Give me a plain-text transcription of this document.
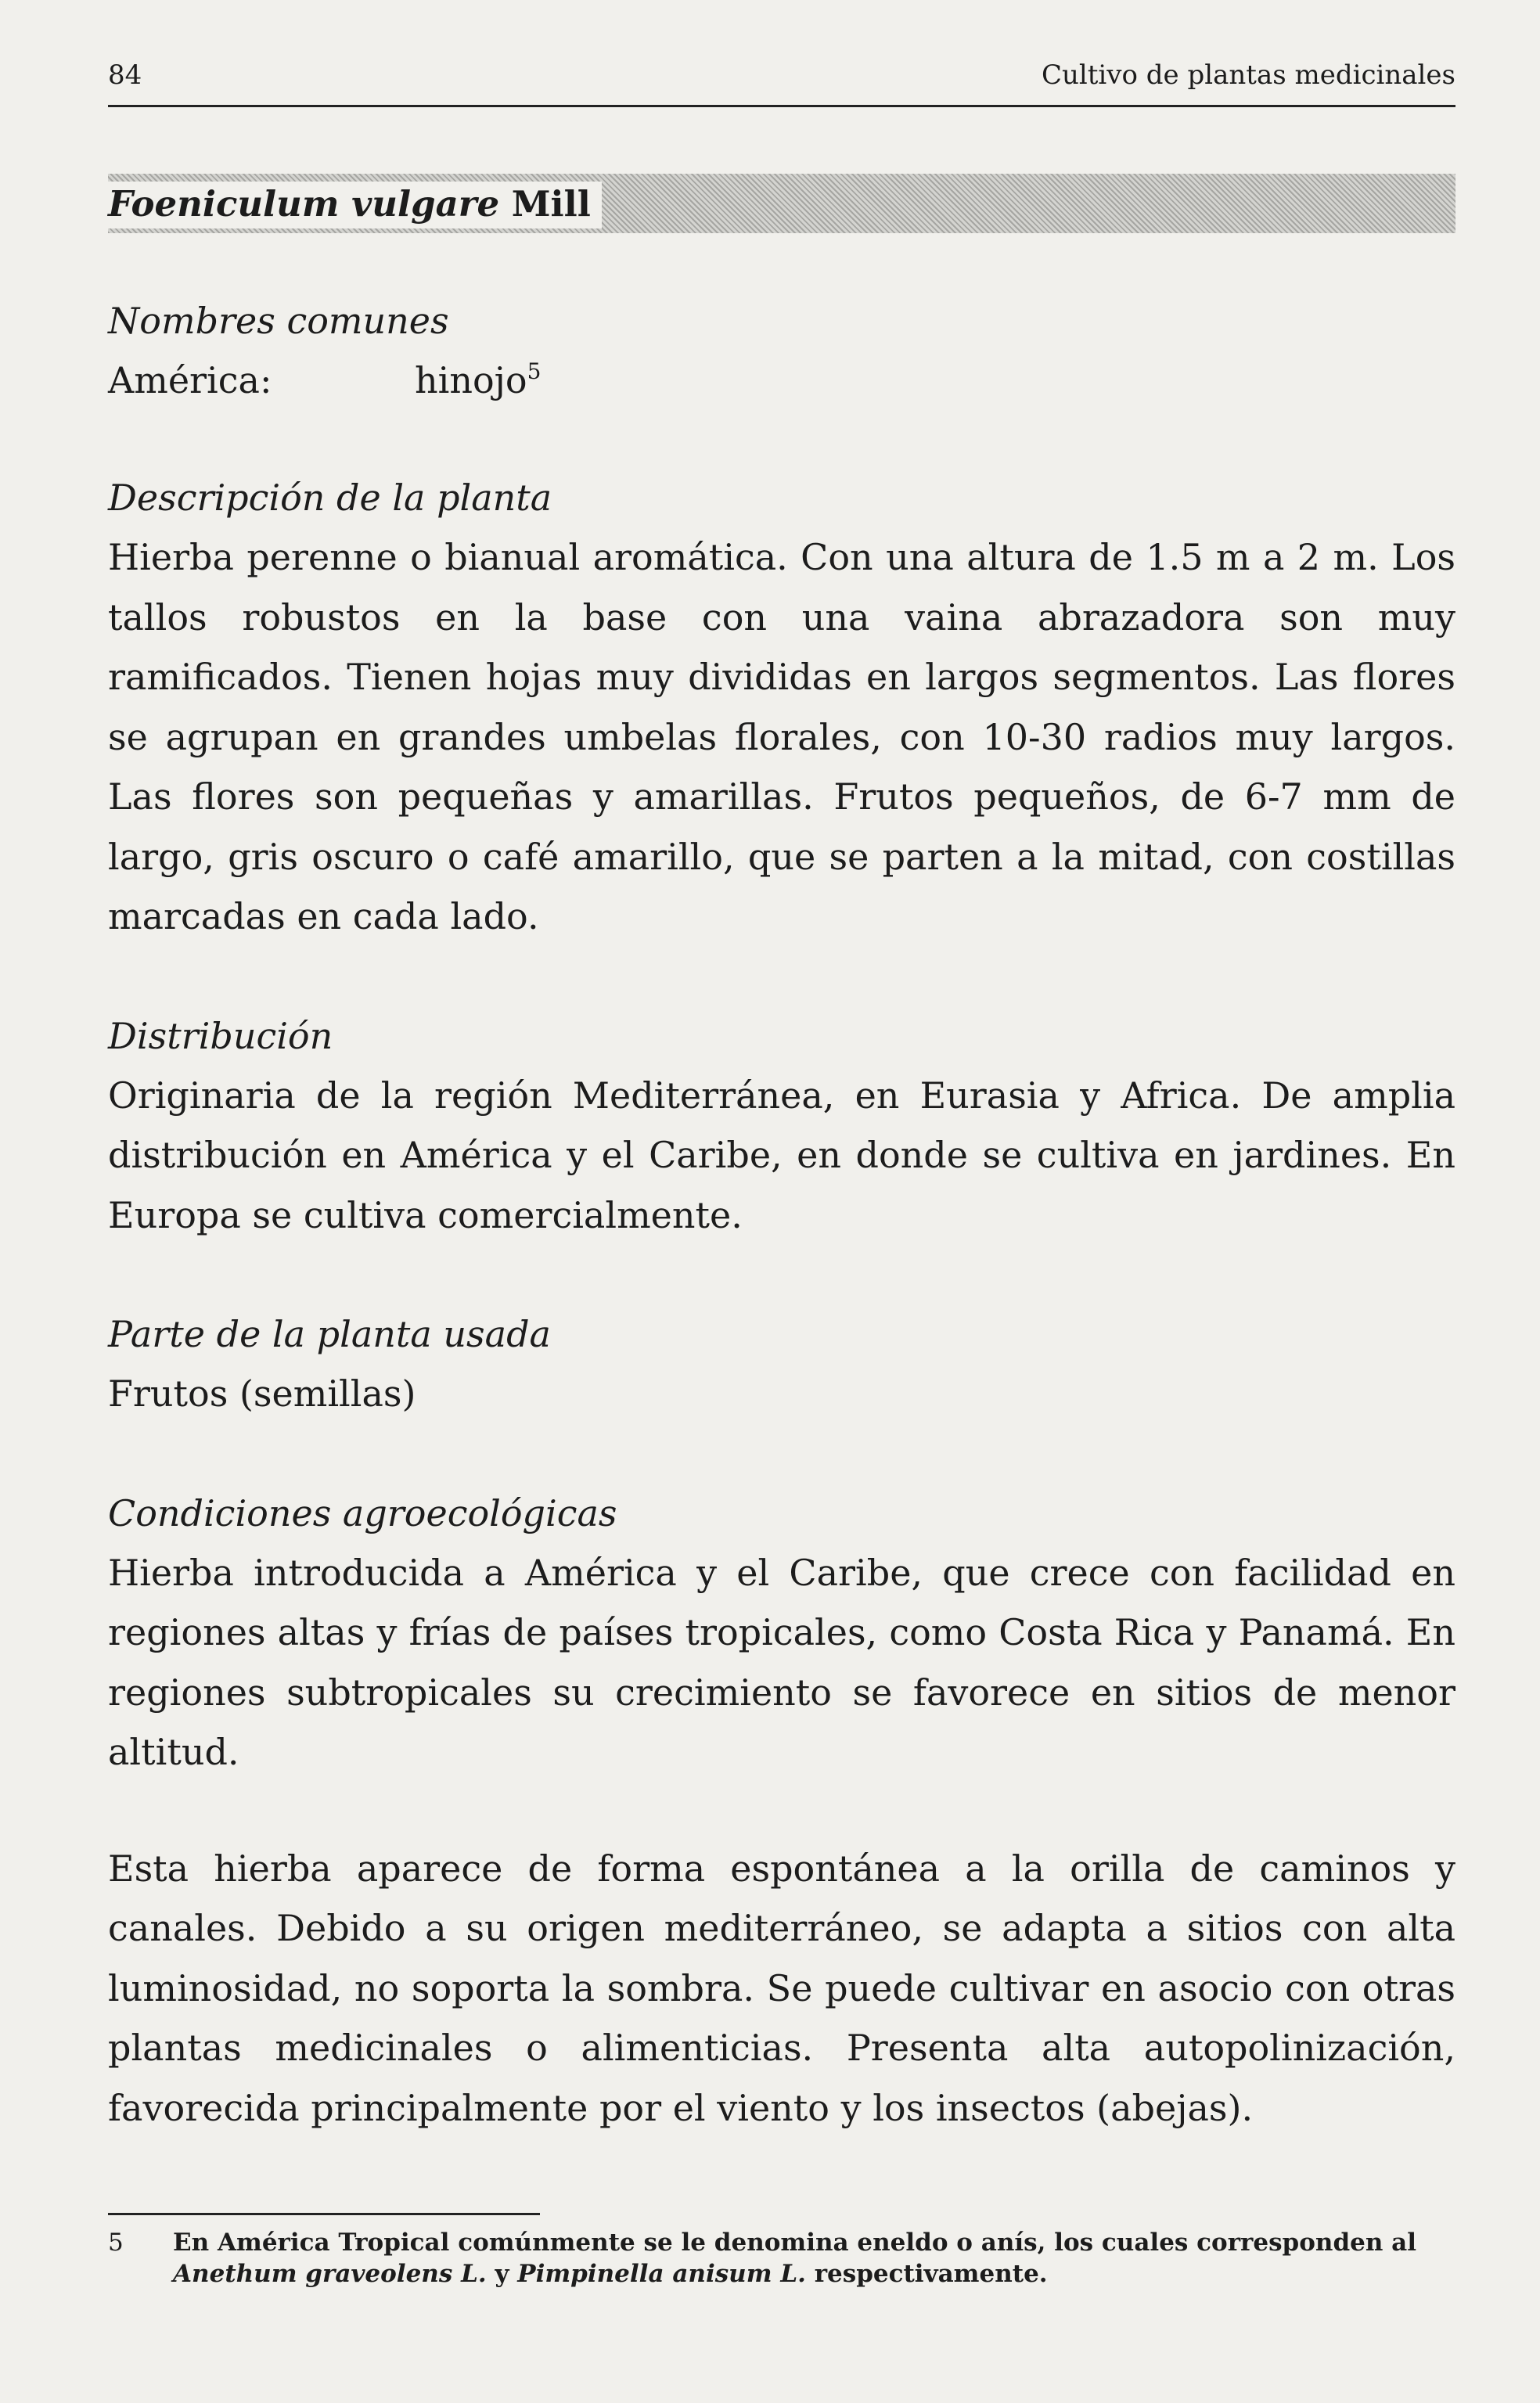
84	Cultivo de plantas medicinales
Foeniculum vulgare Mill

Nombres comunes

América:	hinojo$^5$

Descripción de la planta

Hierba perenne o bianual aromática. Con una altura de 1.5 m a 2 m. Los tallos robustos en la base con una vaina abrazadora son muy ramificados. Tienen hojas muy divididas en largos segmentos. Las flores se agrupan en grandes umbelas florales, con 10-30 radios muy largos. Las flores son pequeñas y amarillas. Frutos pequeños, de 6-7 mm de largo, gris oscuro o café amarillo, que se parten a la mitad, con costillas marcadas en cada lado.

Distribución

Originaria de la región Mediterránea, en Eurasia y Africa. De amplia distribución en América y el Caribe, en donde se cultiva en jardines. En Europa se cultiva comercialmente.

Parte de la planta usada

Frutos (semillas)

Condiciones agroecológicas

Hierba introducida a América y el Caribe, que crece con facilidad en regiones altas y frías de países tropicales, como Costa Rica y Panamá. En regiones subtropicales su crecimiento se favorece en sitios de menor altitud.

Esta hierba aparece de forma espontánea a la orilla de caminos y canales. Debido a su origen mediterráneo, se adapta a sitios con alta luminosidad, no soporta la sombra. Se puede cultivar en asocio con otras plantas medicinales o alimenticias. Presenta alta autopolinización, favorecida principalmente por el viento y los insectos (abejas).

5 En América Tropical comúnmente se le denomina eneldo o anís, los cuales corresponden al Anethum graveolens L. y Pimpinella anisum L. respectivamente.
